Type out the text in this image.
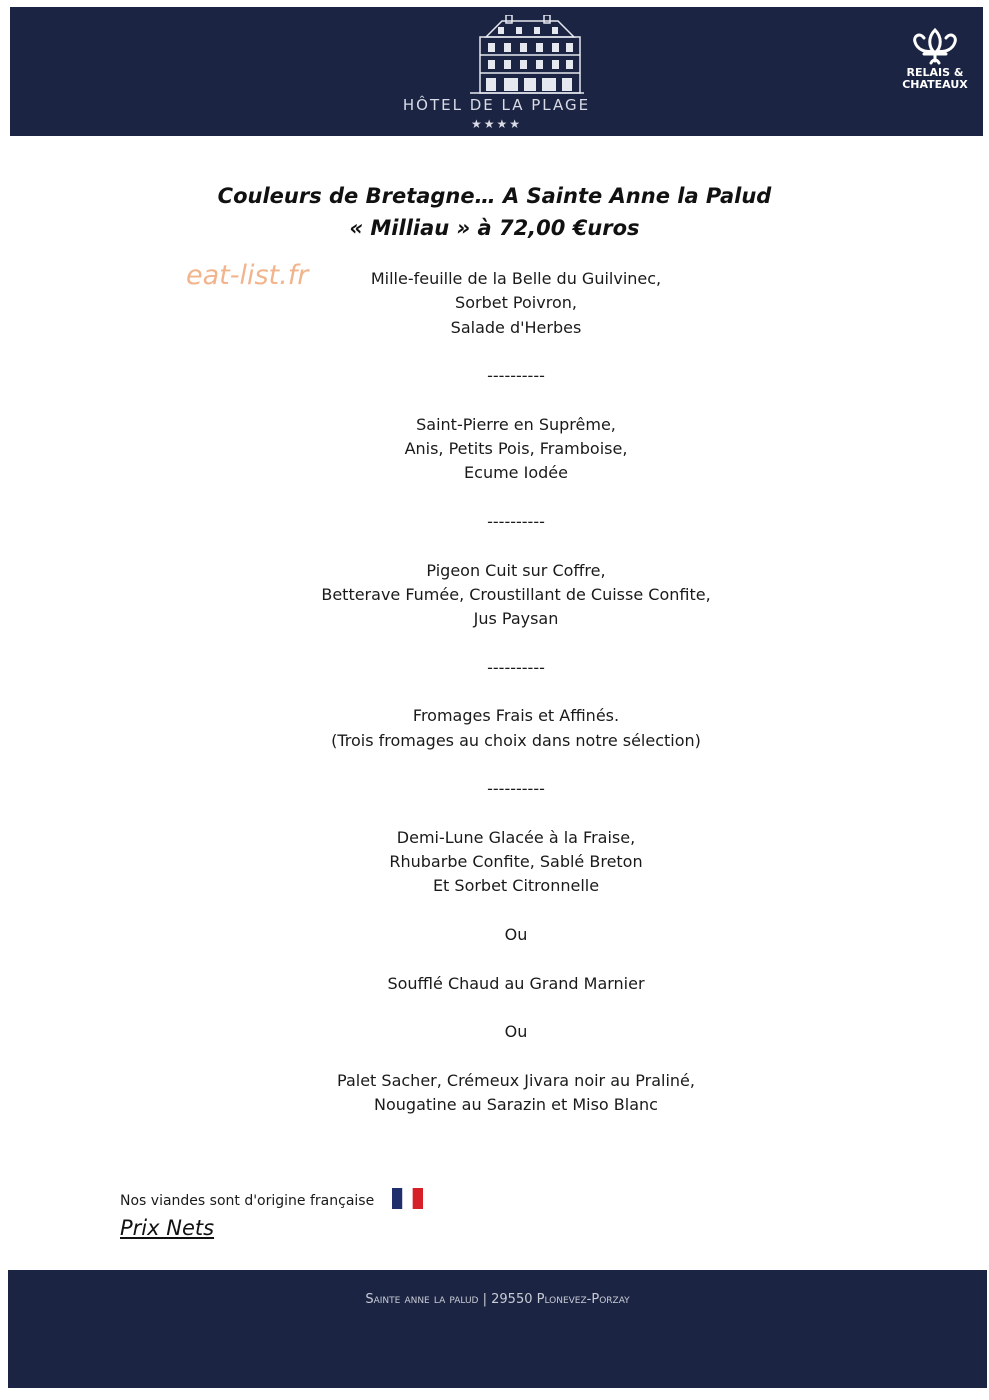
HÔTEL DE LA PLAGE
★★★★
RELAIS &
CHATEAUX
Couleurs de Bretagne… A Sainte Anne la Palud
« Milliau » à 72,00 €uros
eat-list.fr	Mille-feuille de la Belle du Guilvinec,
Sorbet Poivron,
Salade d'Herbes
----------
Saint-Pierre en Suprême,
Anis, Petits Pois, Framboise,
Ecume Iodée
----------
Pigeon Cuit sur Coffre,
Betterave Fumée, Croustillant de Cuisse Confite,
Jus Paysan
----------
Fromages Frais et Affinés.
(Trois fromages au choix dans notre sélection)
----------
Demi-Lune Glacée à la Fraise,
Rhubarbe Confite, Sablé Breton
Et Sorbet Citronnelle
Ou
Soufflé Chaud au Grand Marnier
Ou
Palet Sacher, Crémeux Jivara noir au Praliné,
Nougatine au Sarazin et Miso Blanc
Nos viandes sont d'origine française
Prix Nets
Sainte anne la palud | 29550 Plonevez-Porzay
